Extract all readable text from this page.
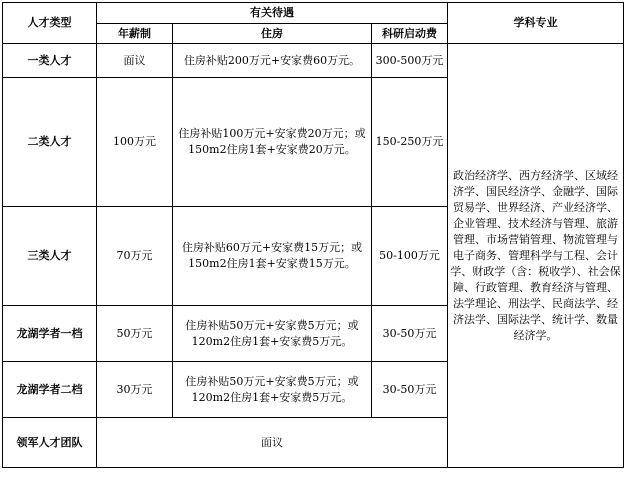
人才类型	有关待遇			学科专业
	年薪制	住房	科研启动费	
一类人才	面议	住房补贴200万元+安家费60万元。	300-500万元	政治经济学、西方经济学、区域经济学、国民经济学、金融学、国际贸易学、世界经济、产业经济学、企业管理、技术经济与管理、旅游管理、市场营销管理、物流管理与电子商务、管理科学与工程、会计学、财政学（含：税收学）、社会保障、行政管理、教育经济与管理、法学理论、刑法学、民商法学、经济法学、国际法学、统计学、数量经济学。
二类人才	100万元	住房补贴100万元+安家费20万元；或150m2住房1套+安家费20万元。	150-250万元	
三类人才	70万元	住房补贴60万元+安家费15万元；或150m2住房1套+安家费15万元。	50-100万元	
龙湖学者一档	50万元	住房补贴50万元+安家费5万元；或120m2住房1套+安家费5万元。	30-50万元	
龙湖学者二档	30万元	住房补贴50万元+安家费5万元；或120m2住房1套+安家费5万元。	30-50万元	
领军人才团队	面议			
